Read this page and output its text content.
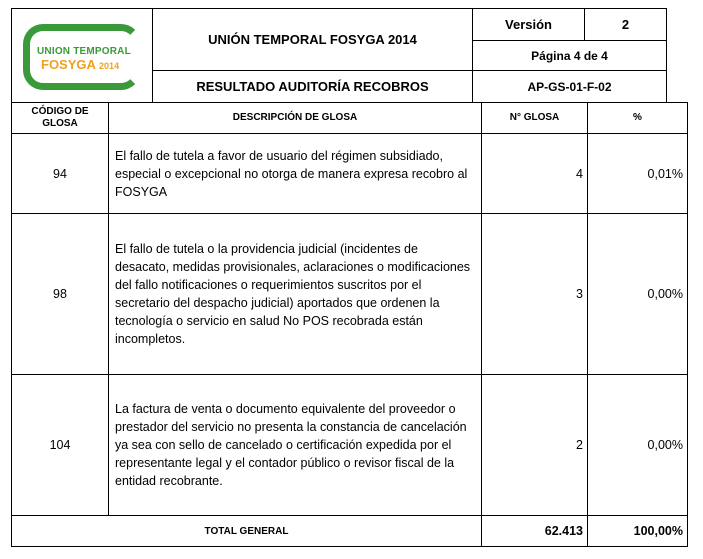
UNION TEMPORAL
FOSYGA 2014	UNIÓN TEMPORAL FOSYGA 2014	Versión	2
		Página 4 de 4	
	RESULTADO AUDITORÍA RECOBROS	AP-GS-01-F-02	
CÓDIGO DE GLOSA	DESCRIPCIÓN DE GLOSA	N° GLOSA	%
94	El fallo de tutela a favor de usuario del régimen subsidiado, especial o excepcional no otorga de manera expresa recobro al FOSYGA	4	0,01%
98	El fallo de tutela o la providencia judicial (incidentes de desacato, medidas provisionales, aclaraciones o modificaciones del fallo notificaciones o requerimientos suscritos por el secretario del despacho judicial) aportados que ordenen la tecnología o servicio en salud No POS recobrada están incompletos.	3	0,00%
104	La factura de venta o documento equivalente del proveedor o prestador del servicio no presenta la constancia de cancelación ya sea con sello de cancelado o certificación expedida por el representante legal y el contador público o revisor fiscal de la entidad recobrante.	2	0,00%
TOTAL GENERAL		62.413	100,00%
